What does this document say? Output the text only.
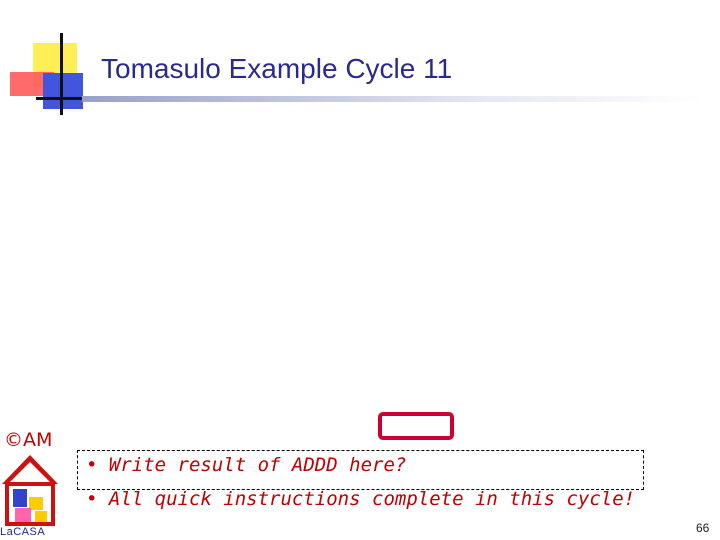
Tomasulo Example Cycle 11
©AM
LaCASA
• Write result of ADDD here?
• All quick instructions complete in this cycle!
66
